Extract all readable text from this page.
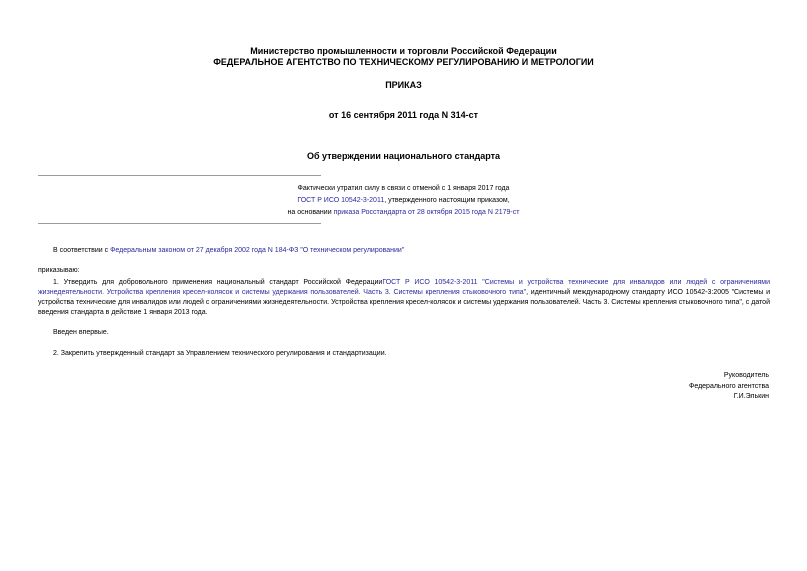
Министерство промышленности и торговли Российской Федерации
ФЕДЕРАЛЬНОЕ АГЕНТСТВО ПО ТЕХНИЧЕСКОМУ РЕГУЛИРОВАНИЮ И МЕТРОЛОГИИ
ПРИКАЗ
от 16 сентября 2011 года N 314-ст
Об утверждении национального стандарта
Фактически утратил силу в связи с отменой с 1 января 2017 года
ГОСТ Р ИСО 10542-3-2011, утвержденного настоящим приказом,
на основании приказа Росстандарта от 28 октября 2015 года N 2179-ст
В соответствии с Федеральным законом от 27 декабря 2002 года N 184-ФЗ "О техническом регулировании"
приказываю:
1. Утвердить для добровольного применения национальный стандарт Российской ФедерацииГОСТ Р ИСО 10542-3-2011 "Системы и устройства технические для инвалидов или людей с ограничениями жизнедеятельности. Устройства крепления кресел-колясок и системы удержания пользователей. Часть 3. Системы крепления стыковочного типа", идентичный международному стандарту ИСО 10542-3:2005 "Системы и устройства технические для инвалидов или людей с ограничениями жизнедеятельности. Устройства крепления кресел-колясок и системы удержания пользователей. Часть 3. Системы крепления стыковочного типа", с датой введения стандарта в действие 1 января 2013 года.
Введен впервые.
2. Закрепить утвержденный стандарт за Управлением технического регулирования и стандартизации.
Руководитель
Федерального агентства
Г.И.Элькин
